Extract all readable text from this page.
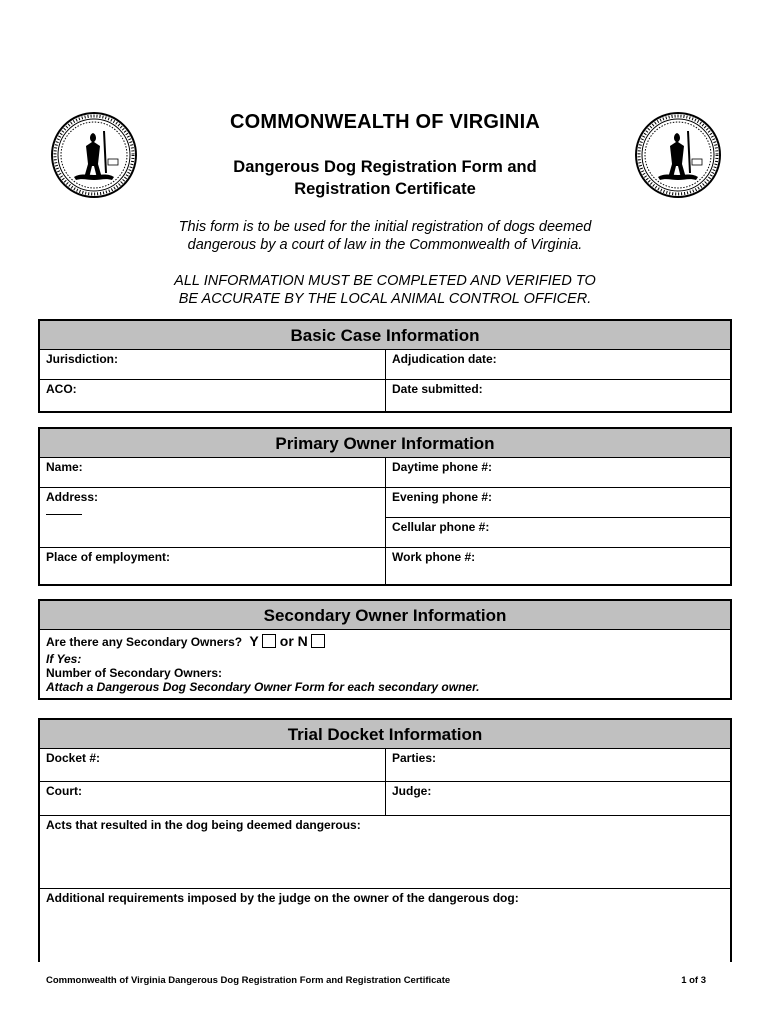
COMMONWEALTH OF VIRGINIA
Dangerous Dog Registration Form and
Registration Certificate
This form is to be used for the initial registration of dogs deemed
dangerous by a court of law in the Commonwealth of Virginia.
ALL INFORMATION MUST BE COMPLETED AND VERIFIED TO
BE ACCURATE BY THE LOCAL ANIMAL CONTROL OFFICER.
Basic Case Information
Jurisdiction:	Adjudication date:
ACO:	Date submitted:
Primary Owner Information
Name:	Daytime phone #:
Address:	Evening phone #:
Cellular phone #:
Place of employment:	Work phone #:
Secondary Owner Information
Are there any Secondary Owners? Y or N
If Yes:
Number of Secondary Owners:
Attach a Dangerous Dog Secondary Owner Form for each secondary owner.
Trial Docket Information
Docket #:	Parties:
Court:	Judge:
Acts that resulted in the dog being deemed dangerous:
Additional requirements imposed by the judge on the owner of the dangerous dog:
Commonwealth of Virginia Dangerous Dog Registration Form and Registration Certificate	1 of 3
